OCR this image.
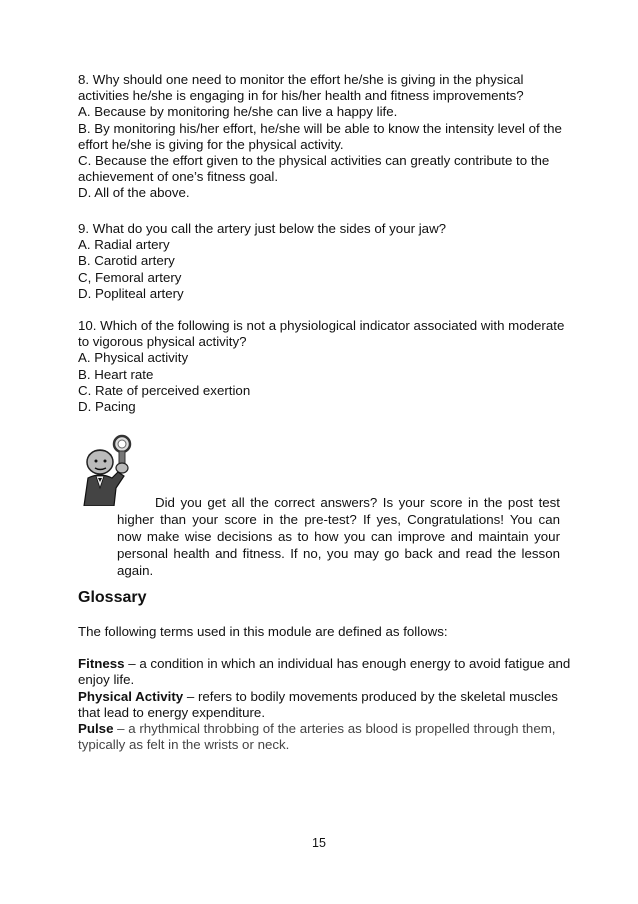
8. Why should one need to monitor the effort he/she is giving in the physical

activities he/she is engaging in for his/her health and fitness improvements?

A. Because by monitoring he/she can live a happy life.

B. By monitoring his/her effort, he/she will be able to know the intensity level of the

effort he/she is giving for the physical activity.

C. Because the effort given to the physical activities can greatly contribute to the

achievement of one’s fitness goal.

D. All of the above.

9. What do you call the artery just below the sides of your jaw?

A. Radial artery

B. Carotid artery

C, Femoral artery

D. Popliteal artery

10. Which of the following is not a physiological indicator associated with moderate

to vigorous physical activity?

A. Physical activity

B. Heart rate

C. Rate of perceived exertion

D. Pacing

Did you get all the correct answers? Is your score in the post test higher than your score in the pre-test? If yes, Congratulations! You can now make wise decisions as to how you can improve and maintain your personal health and fitness. If no, you may go back and read the lesson again.
Glossary
The following terms used in this module are defined as follows:

Fitness – a condition in which an individual has enough energy to avoid fatigue and enjoy life.

Physical Activity – refers to bodily movements produced by the skeletal muscles that lead to energy expenditure.

Pulse – a rhythmical throbbing of the arteries as blood is propelled through them, typically as felt in the wrists or neck.

15
